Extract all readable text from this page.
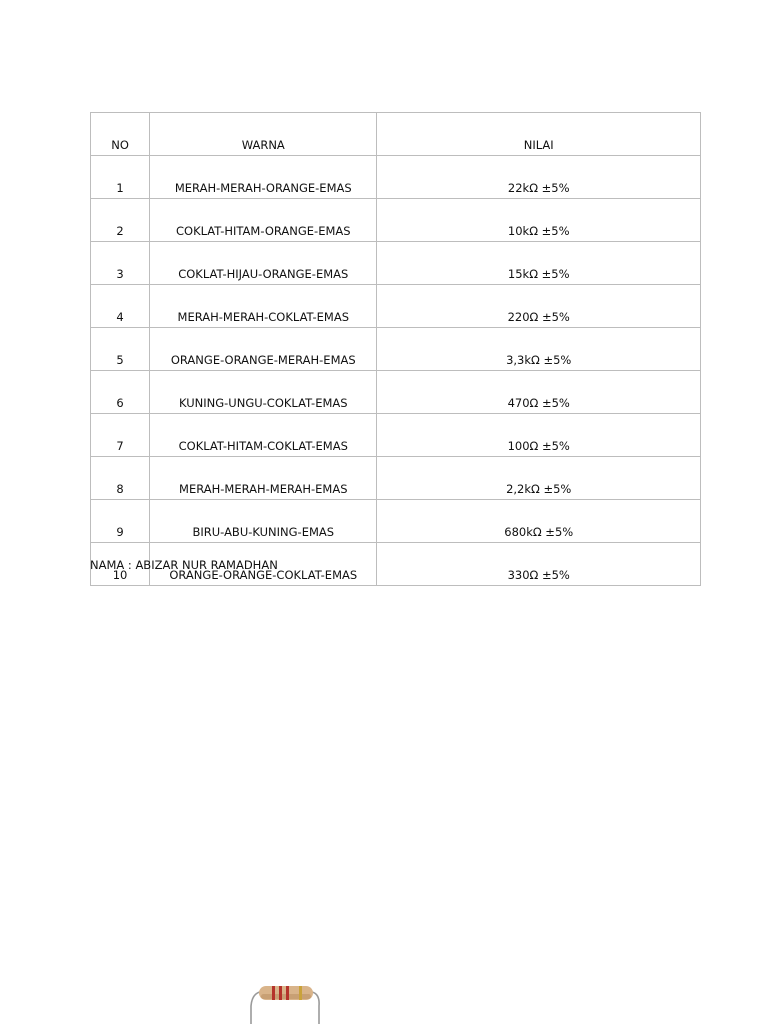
NO	WARNA	NILAI
1	MERAH-MERAH-ORANGE-EMAS	22kΩ ±5%
2	COKLAT-HITAM-ORANGE-EMAS	10kΩ ±5%
3	COKLAT-HIJAU-ORANGE-EMAS	15kΩ ±5%
4	MERAH-MERAH-COKLAT-EMAS	220Ω ±5%
5	ORANGE-ORANGE-MERAH-EMAS	3,3kΩ ±5%
6	KUNING-UNGU-COKLAT-EMAS	470Ω ±5%
7	COKLAT-HITAM-COKLAT-EMAS	100Ω ±5%
8	MERAH-MERAH-MERAH-EMAS	2,2kΩ ±5%
9	BIRU-ABU-KUNING-EMAS	680kΩ ±5%
10	ORANGE-ORANGE-COKLAT-EMAS	330Ω ±5%
NAMA : ABIZAR NUR RAMADHAN
